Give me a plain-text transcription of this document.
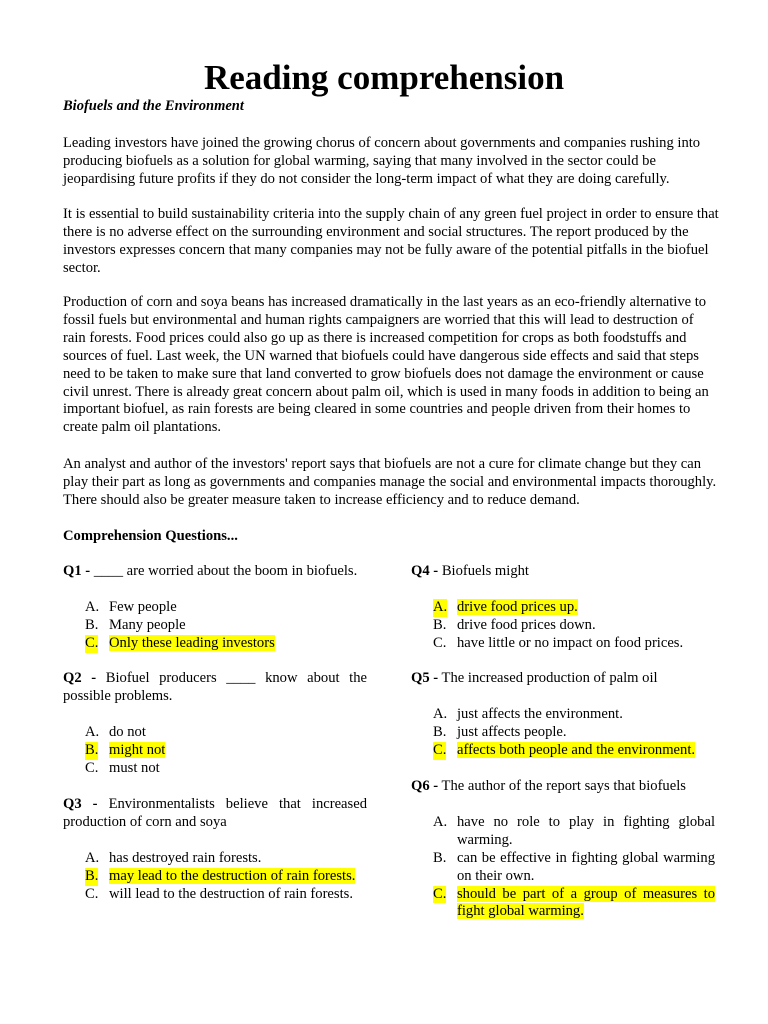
Reading comprehension
Biofuels and the Environment

Leading investors have joined the growing chorus of concern about governments and companies rushing into producing biofuels as a solution for global warming, saying that many involved in the sector could be jeopardising future profits if they do not consider the long-term impact of what they are doing carefully.

It is essential to build sustainability criteria into the supply chain of any green fuel project in order to ensure that there is no adverse effect on the surrounding environment and social structures. The report produced by the investors expresses concern that many companies may not be fully aware of the potential pitfalls in the biofuel sector.

Production of corn and soya beans has increased dramatically in the last years as an eco-friendly alternative to fossil fuels but environmental and human rights campaigners are worried that this will lead to destruction of rain forests. Food prices could also go up as there is increased competition for crops as both foodstuffs and sources of fuel. Last week, the UN warned that biofuels could have dangerous side effects and said that steps need to be taken to make sure that land converted to grow biofuels does not damage the environment or cause civil unrest. There is already great concern about palm oil, which is used in many foods in addition to being an important biofuel, as rain forests are being cleared in some countries and people driven from their homes to create palm oil plantations.

An analyst and author of the investors' report says that biofuels are not a cure for climate change but they can play their part as long as governments and companies manage the social and environmental impacts thoroughly. There should also be greater measure taken to increase efficiency and to reduce demand.

Comprehension Questions...

Q1 - ____ are worried about the boom in biofuels.

A. Few people
B. Many people
C. Only these leading investors

Q2 - Biofuel producers ____ know about the possible problems.

A. do not
B. might not
C. must not

Q3 - Environmentalists believe that increased production of corn and soya

A. has destroyed rain forests.
B. may lead to the destruction of rain forests.
C. will lead to the destruction of rain forests.

Q4 - Biofuels might

A. drive food prices up.
B. drive food prices down.
C. have little or no impact on food prices.

Q5 - The increased production of palm oil

A. just affects the environment.
B. just affects people.
C. affects both people and the environment.

Q6 - The author of the report says that biofuels

A. have no role to play in fighting global warming.
B. can be effective in fighting global warming on their own.
C. should be part of a group of measures to fight global warming.
